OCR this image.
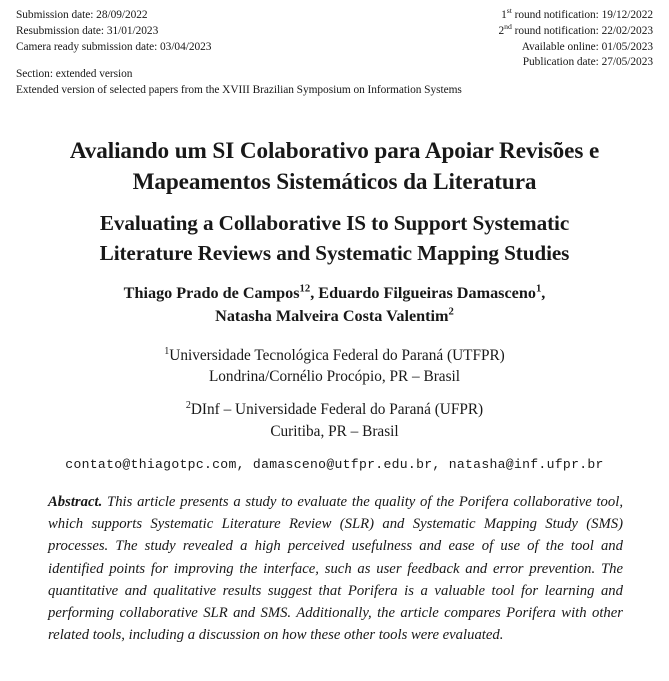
Submission date: 28/09/2022
Resubmission date: 31/01/2023
Camera ready submission date: 03/04/2023
1st round notification: 19/12/2022
2nd round notification: 22/02/2023
Available online: 01/05/2023
Publication date: 27/05/2023
Section: extended version
Extended version of selected papers from the XVIII Brazilian Symposium on Information Systems
Avaliando um SI Colaborativo para Apoiar Revisões e
Mapeamentos Sistemáticos da Literatura
Evaluating a Collaborative IS to Support Systematic
Literature Reviews and Systematic Mapping Studies
Thiago Prado de Campos$^{12}$, Eduardo Filgueiras Damasceno$^1$,
Natasha Malveira Costa Valentim$^2$
$^1$Universidade Tecnológica Federal do Paraná (UTFPR)
Londrina/Cornélio Procópio, PR – Brasil
$^2$DInf – Universidade Federal do Paraná (UFPR)
Curitiba, PR – Brasil
contato@thiagotpc.com, damasceno@utfpr.edu.br, natasha@inf.ufpr.br
Abstract. This article presents a study to evaluate the quality of the Porifera collaborative tool, which supports Systematic Literature Review (SLR) and Systematic Mapping Study (SMS) processes. The study revealed a high perceived usefulness and ease of use of the tool and identified points for improving the interface, such as user feedback and error prevention. The quantitative and qualitative results suggest that Porifera is a valuable tool for learning and performing collaborative SLR and SMS. Additionally, the article compares Porifera with other related tools, including a discussion on how these other tools were evaluated.
